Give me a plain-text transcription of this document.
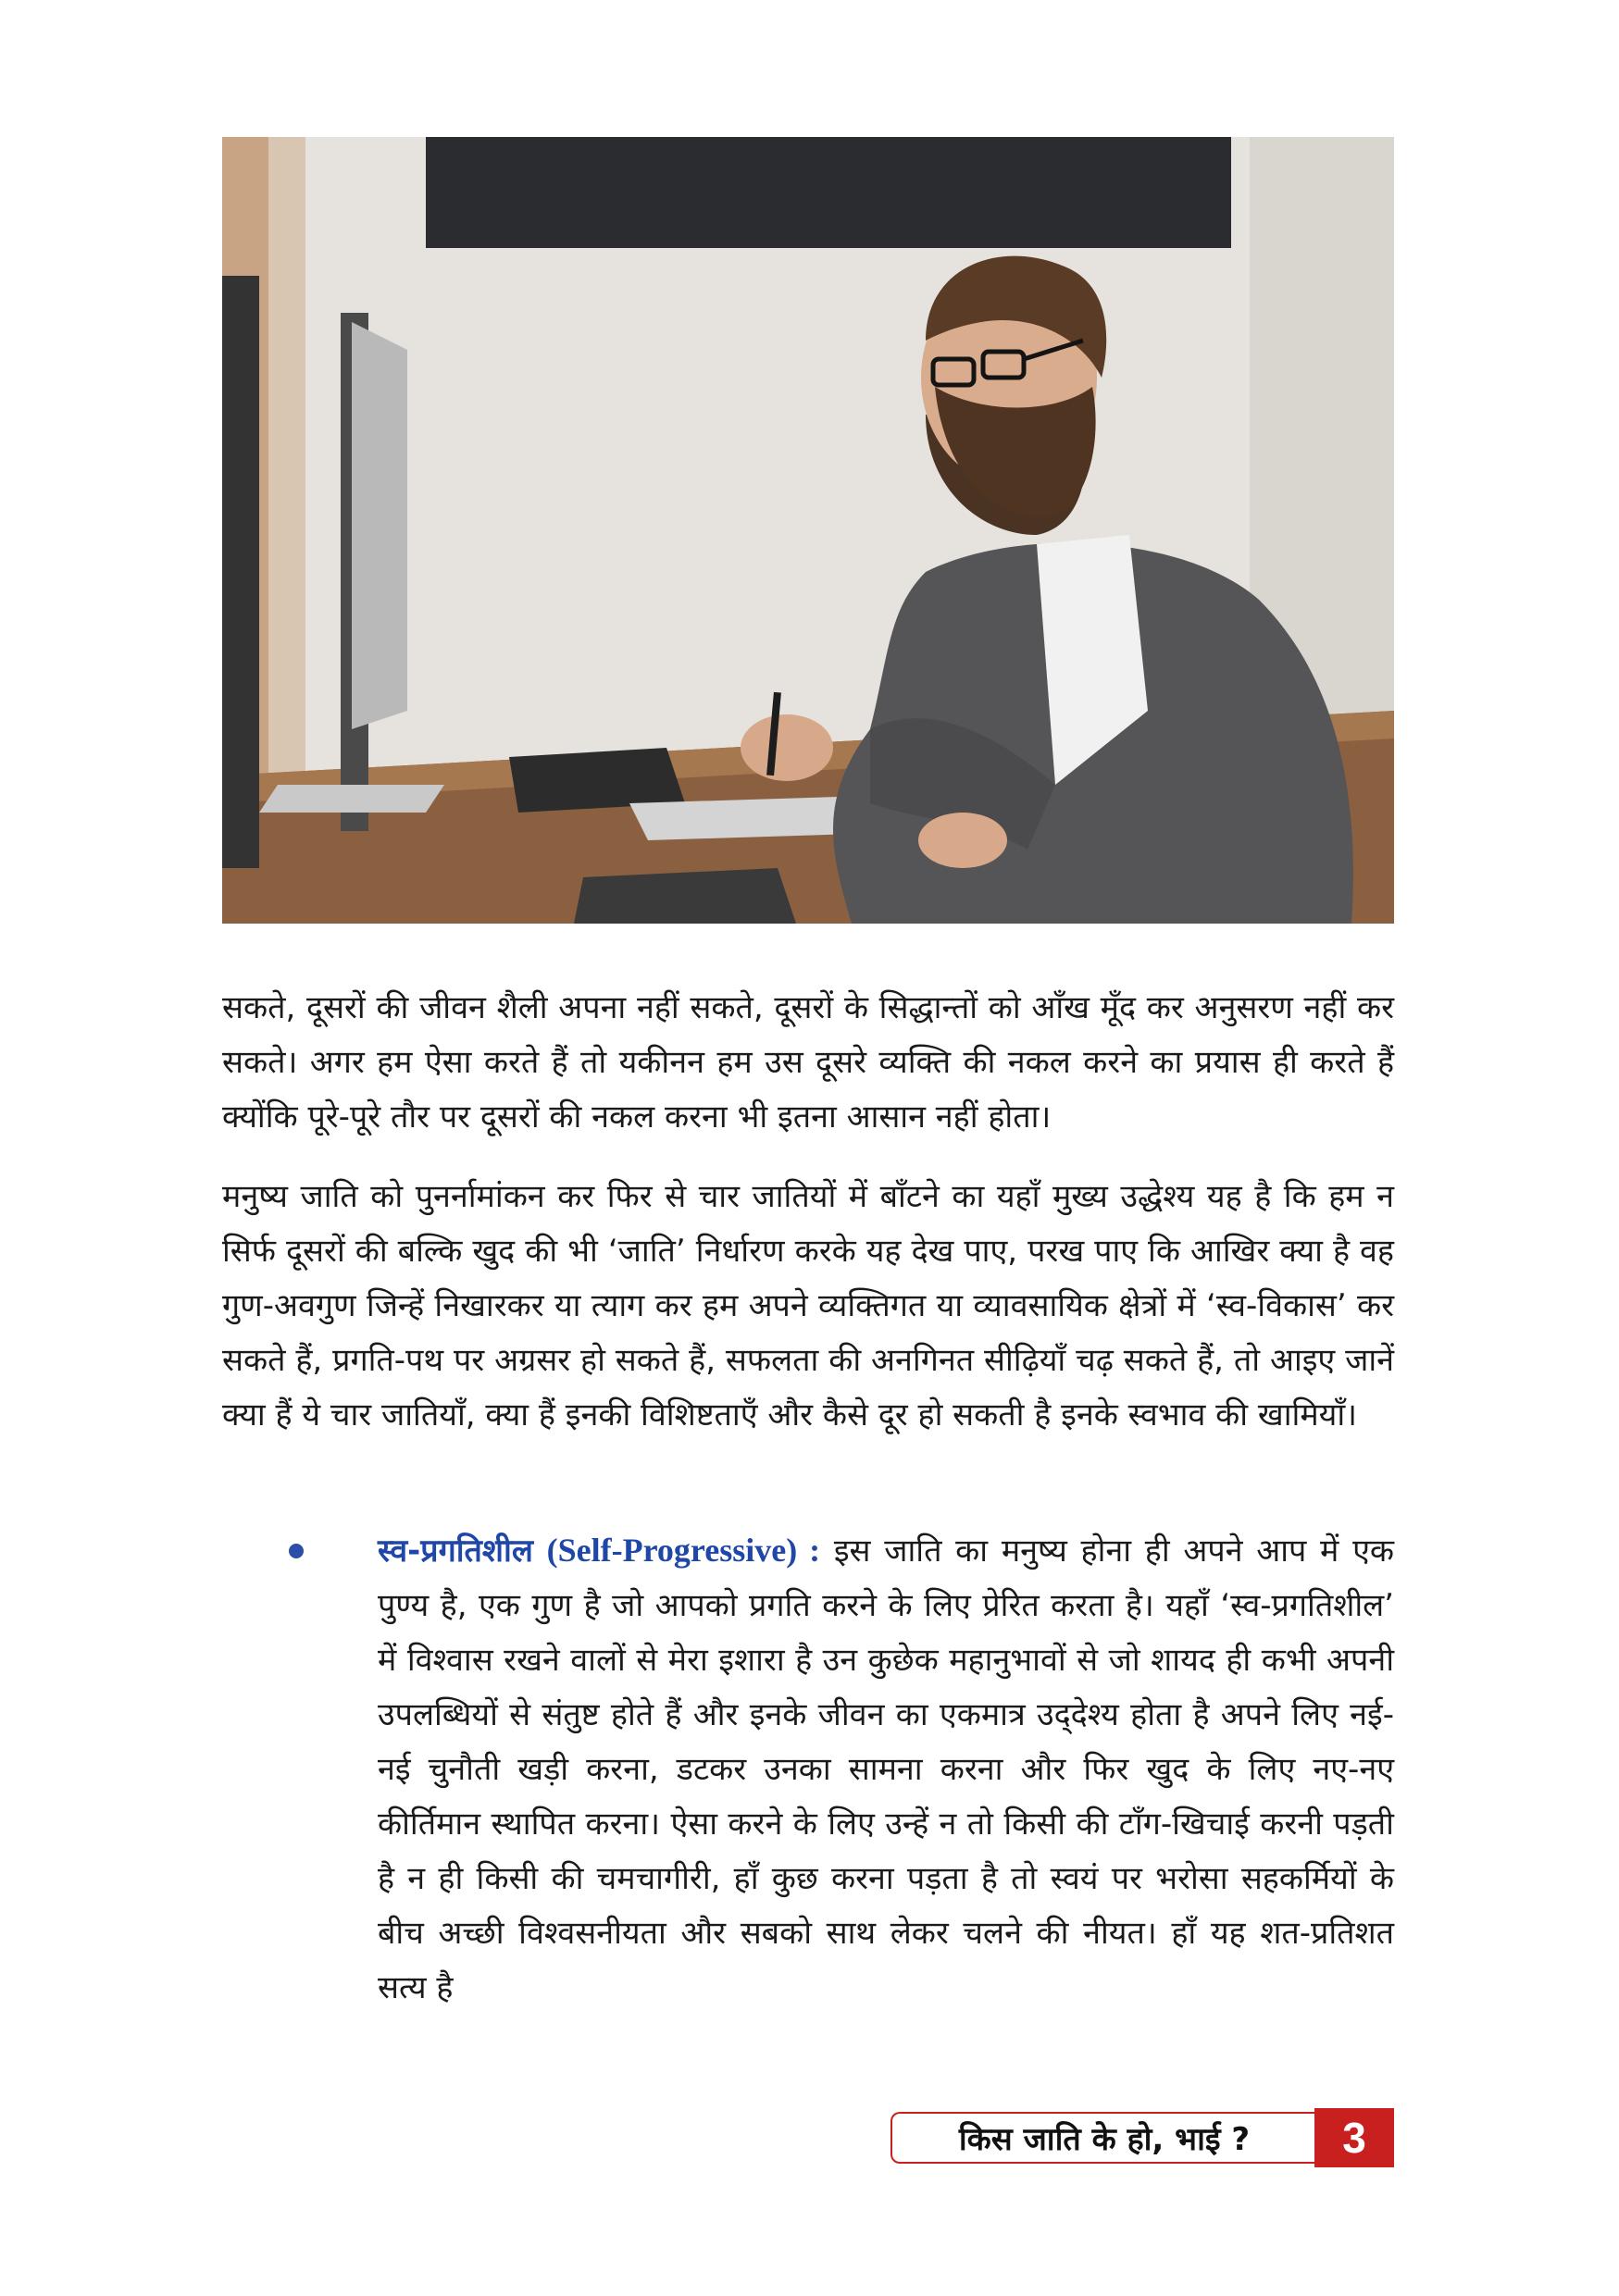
सकते, दूसरों की जीवन शैली अपना नहीं सकते, दूसरों के सिद्धान्तों को आँख मूँद कर अनुसरण नहीं कर सकते। अगर हम ऐसा करते हैं तो यकीनन हम उस दूसरे व्यक्ति की नकल करने का प्रयास ही करते हैं क्योंकि पूरे-पूरे तौर पर दूसरों की नकल करना भी इतना आसान नहीं होता।
मनुष्य जाति को पुनर्नामांकन कर फिर से चार जातियों में बाँटने का यहाँ मुख्य उद्धेश्य यह है कि हम न सिर्फ दूसरों की बल्कि खुद की भी ‘जाति’ निर्धारण करके यह देख पाए, परख पाए कि आखिर क्या है वह गुण-अवगुण जिन्हें निखारकर या त्याग कर हम अपने व्यक्तिगत या व्यावसायिक क्षेत्रों में ‘स्व-विकास’ कर सकते हैं, प्रगति-पथ पर अग्रसर हो सकते हैं, सफलता की अनगिनत सीढ़ियाँ चढ़ सकते हैं, तो आइए जानें क्या हैं ये चार जातियाँ, क्या हैं इनकी विशिष्टताएँ और कैसे दूर हो सकती है इनके स्वभाव की खामियाँ।
स्व-प्रगतिशील (Self-Progressive) : इस जाति का मनुष्य होना ही अपने आप में एक पुण्य है, एक गुण है जो आपको प्रगति करने के लिए प्रेरित करता है। यहाँ ‘स्व-प्रगतिशील’ में विश्वास रखने वालों से मेरा इशारा है उन कुछेक महानुभावों से जो शायद ही कभी अपनी उपलब्धियों से संतुष्ट होते हैं और इनके जीवन का एकमात्र उद्‌देश्य होता है अपने लिए नई-नई चुनौती खड़ी करना, डटकर उनका सामना करना और फिर खुद के लिए नए-नए कीर्तिमान स्थापित करना। ऐसा करने के लिए उन्हें न तो किसी की टाँग-खिचाई करनी पड़ती है न ही किसी की चमचागीरी, हाँ कुछ करना पड़ता है तो स्वयं पर भरोसा सहकर्मियों के बीच अच्छी विश्वसनीयता और सबको साथ लेकर चलने की नीयत। हाँ यह शत-प्रतिशत सत्य है
किस जाति के हो, भाई ?	3
